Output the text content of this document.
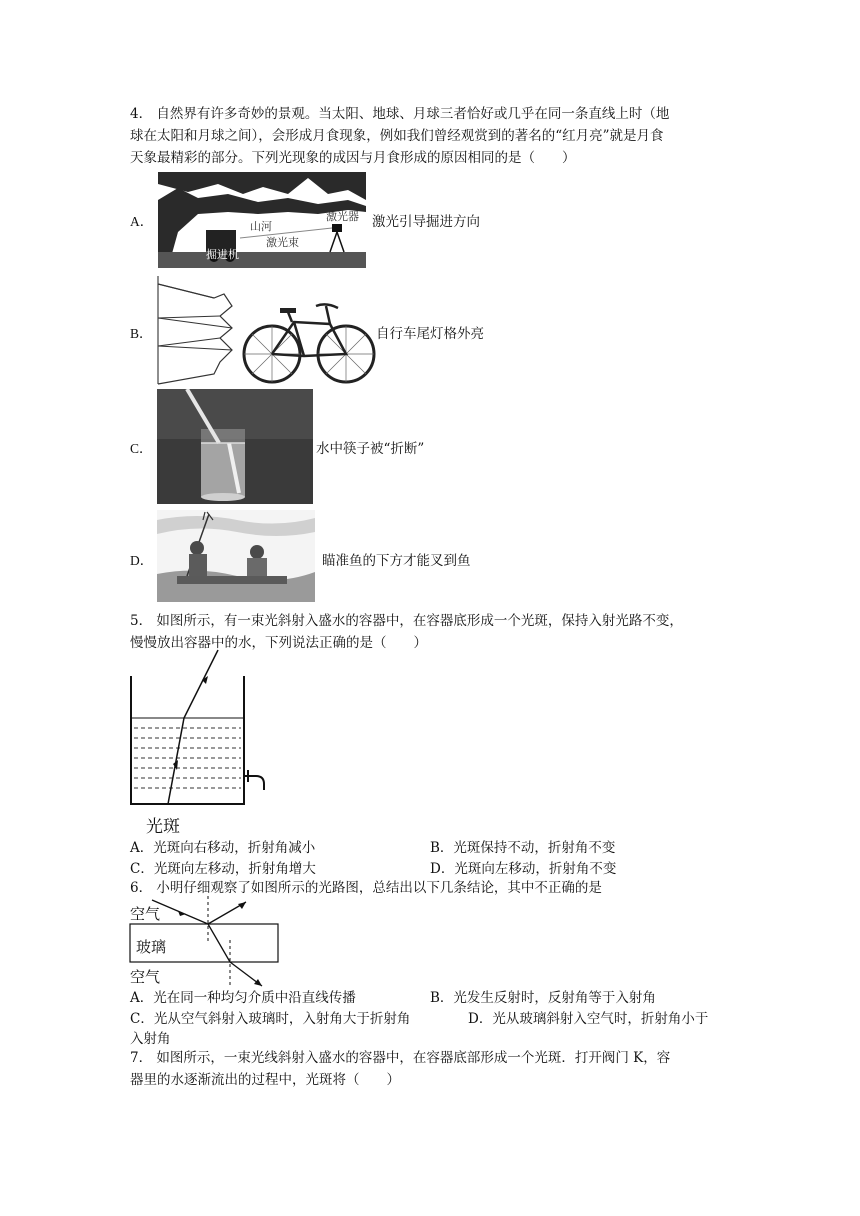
4． 自然界有许多奇妙的景观。当太阳、地球、月球三者恰好或几乎在同一条直线上时（地
球在太阳和月球之间），会形成月食现象，例如我们曾经观赏到的著名的“红月亮”就是月食
天象最精彩的部分。下列光现象的成因与月食形成的原因相同的是（　　）
A．	山河
激光器
掘进机
激光束
激光引导掘进方向
B．	自行车尾灯格外亮
C．	水中筷子被“折断”
D．	瞄准鱼的下方才能叉到鱼
5． 如图所示，有一束光斜射入盛水的容器中，在容器底形成一个光斑，保持入射光路不变，
慢慢放出容器中的水，下列说法正确的是（　　）
光斑
A．光斑向右移动，折射角减小	B．光斑保持不动，折射角不变
C．光斑向左移动，折射角增大	D．光斑向左移动，折射角不变
6． 小明仔细观察了如图所示的光路图，总结出以下几条结论，其中不正确的是
空气
玻璃
空气
A．光在同一种均匀介质中沿直线传播	B．光发生反射时，反射角等于入射角
C．光从空气斜射入玻璃时，入射角大于折射角	D．光从玻璃斜射入空气时，折射角小于
入射角
7． 如图所示，一束光线斜射入盛水的容器中，在容器底部形成一个光斑．打开阀门 K，容
器里的水逐渐流出的过程中，光斑将（　　）
